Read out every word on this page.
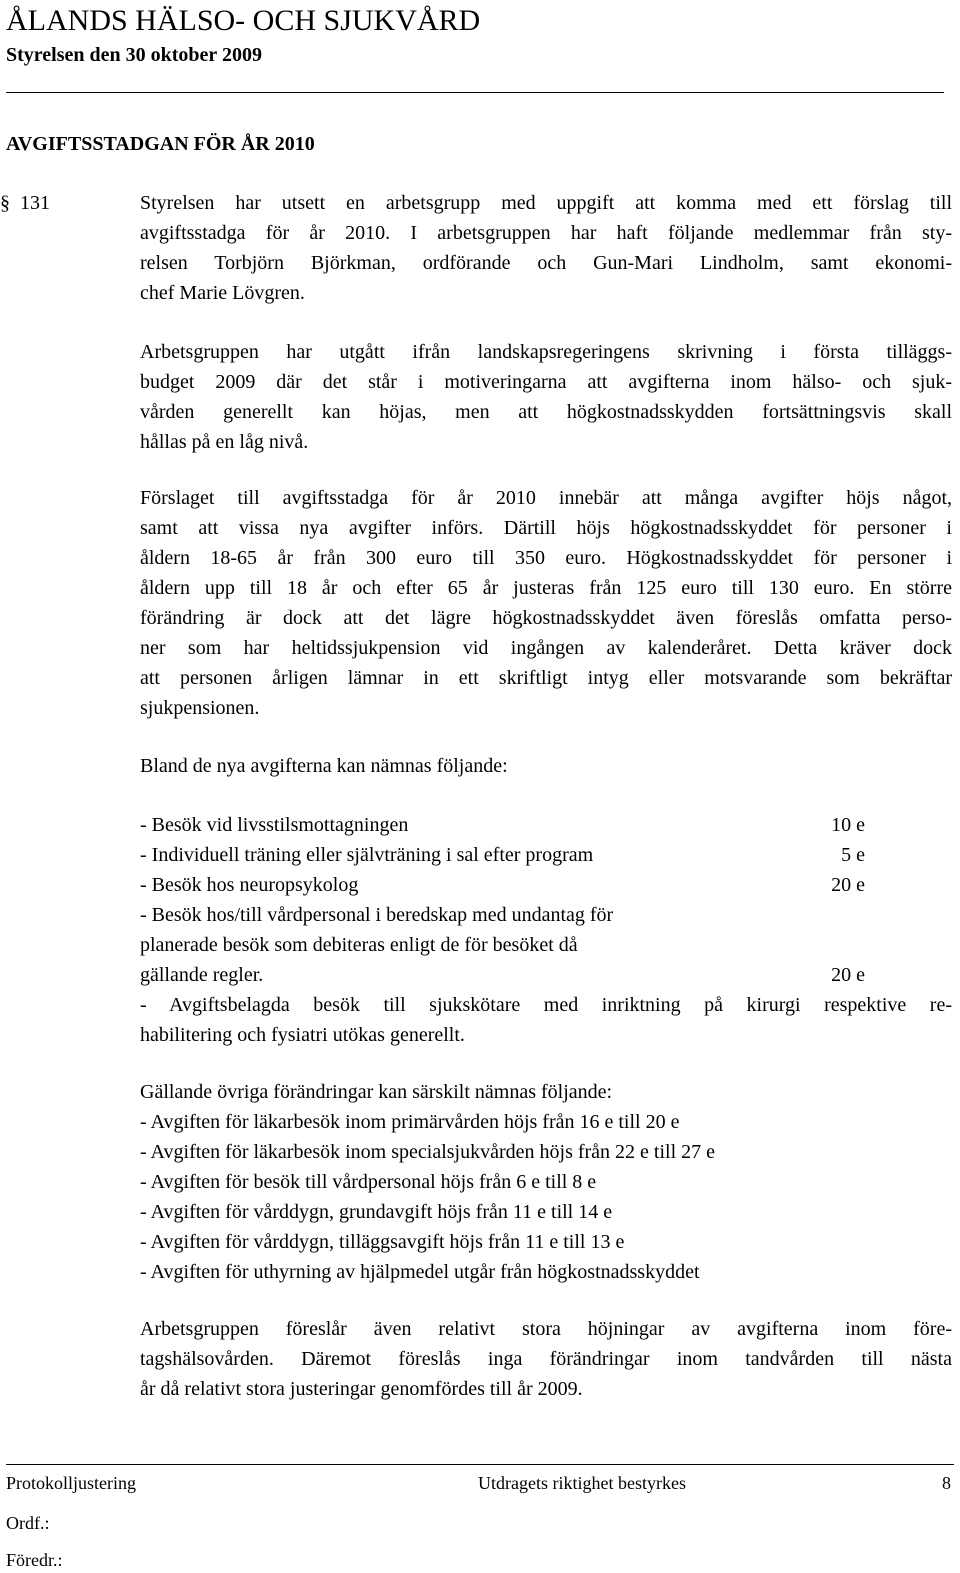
ÅLANDS HÄLSO- OCH SJUKVÅRD
Styrelsen den 30 oktober 2009
AVGIFTSSTADGAN FÖR ÅR 2010
§ 131	Styrelsen har utsett en arbetsgrupp med uppgift att komma med ett förslag till
avgiftsstadga för år 2010. I arbetsgruppen har haft följande medlemmar från sty-
relsen Torbjörn Björkman, ordförande och Gun-Mari Lindholm, samt ekonomi-
chef Marie Lövgren.
Arbetsgruppen har utgått ifrån landskapsregeringens skrivning i första tilläggs-
budget 2009 där det står i motiveringarna att avgifterna inom hälso- och sjuk-
vården generellt kan höjas, men att högkostnadsskydden fortsättningsvis skall
hållas på en låg nivå.
Förslaget till avgiftsstadga för år 2010 innebär att många avgifter höjs något,
samt att vissa nya avgifter införs. Därtill höjs högkostnadsskyddet för personer i
åldern 18-65 år från 300 euro till 350 euro. Högkostnadsskyddet för personer i
åldern upp till 18 år och efter 65 år justeras från 125 euro till 130 euro. En större
förändring är dock att det lägre högkostnadsskyddet även föreslås omfatta perso-
ner som har heltidssjukpension vid ingången av kalenderåret. Detta kräver dock
att personen årligen lämnar in ett skriftligt intyg eller motsvarande som bekräftar
sjukpensionen.
Bland de nya avgifterna kan nämnas följande:
- Besök vid livsstilsmottagningen	10 e
- Individuell träning eller självträning i sal efter program	5 e
- Besök hos neuropsykolog	20 e
- Besök hos/till vårdpersonal i beredskap med undantag för
planerade besök som debiteras enligt de för besöket då
gällande regler.	20 e
- Avgiftsbelagda besök till sjukskötare med inriktning på kirurgi respektive re-
habilitering och fysiatri utökas generellt.
Gällande övriga förändringar kan särskilt nämnas följande:
- Avgiften för läkarbesök inom primärvården höjs från 16 e till 20 e
- Avgiften för läkarbesök inom specialsjukvården höjs från 22 e till 27 e
- Avgiften för besök till vårdpersonal höjs från 6 e till 8 e
- Avgiften för vårddygn, grundavgift höjs från 11 e till 14 e
- Avgiften för vårddygn, tilläggsavgift höjs från 11 e till 13 e
- Avgiften för uthyrning av hjälpmedel utgår från högkostnadsskyddet
Arbetsgruppen föreslår även relativt stora höjningar av avgifterna inom före-
tagshälsovården. Däremot föreslås inga förändringar inom tandvården till nästa
år då relativt stora justeringar genomfördes till år 2009.
Protokolljustering	Utdragets riktighet bestyrkes	8
Ordf.:
Föredr.:
